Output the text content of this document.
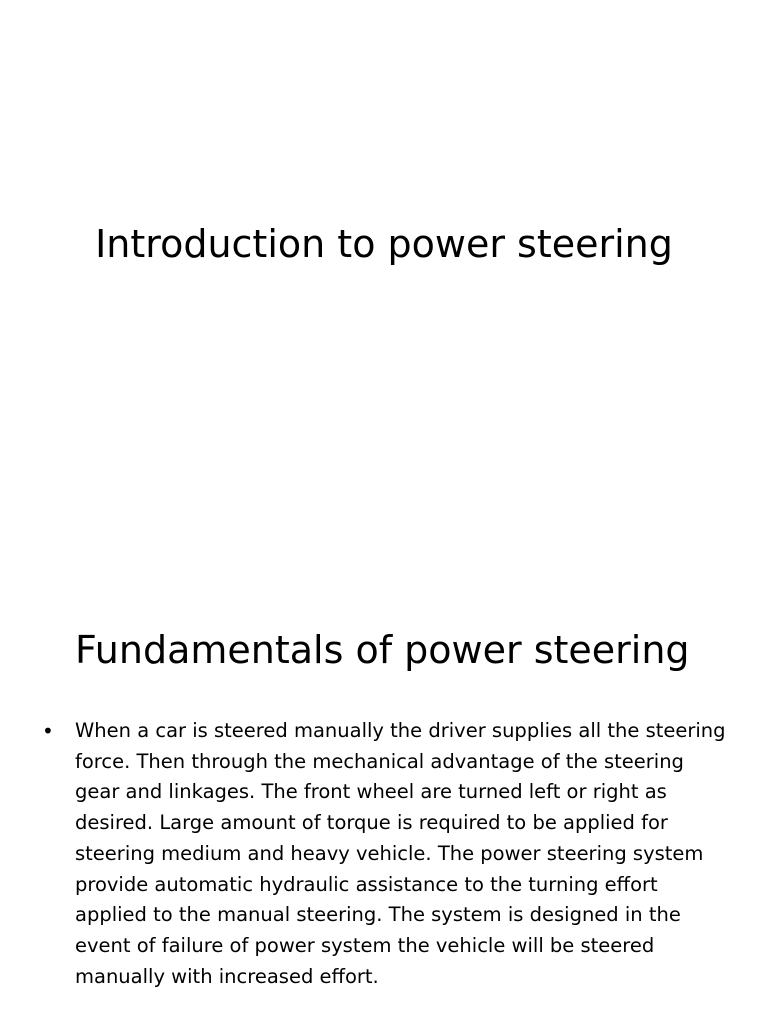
Introduction to power steering
Fundamentals of power steering
• When a car is steered manually the driver supplies all the steering force. Then through the mechanical advantage of the steering gear and linkages. The front wheel are turned left or right as desired. Large amount of torque is required to be applied for steering medium and heavy vehicle. The power steering system provide automatic hydraulic assistance to the turning effort applied to the manual steering. The system is designed in the event of failure of power system the vehicle will be steered manually with increased effort.
